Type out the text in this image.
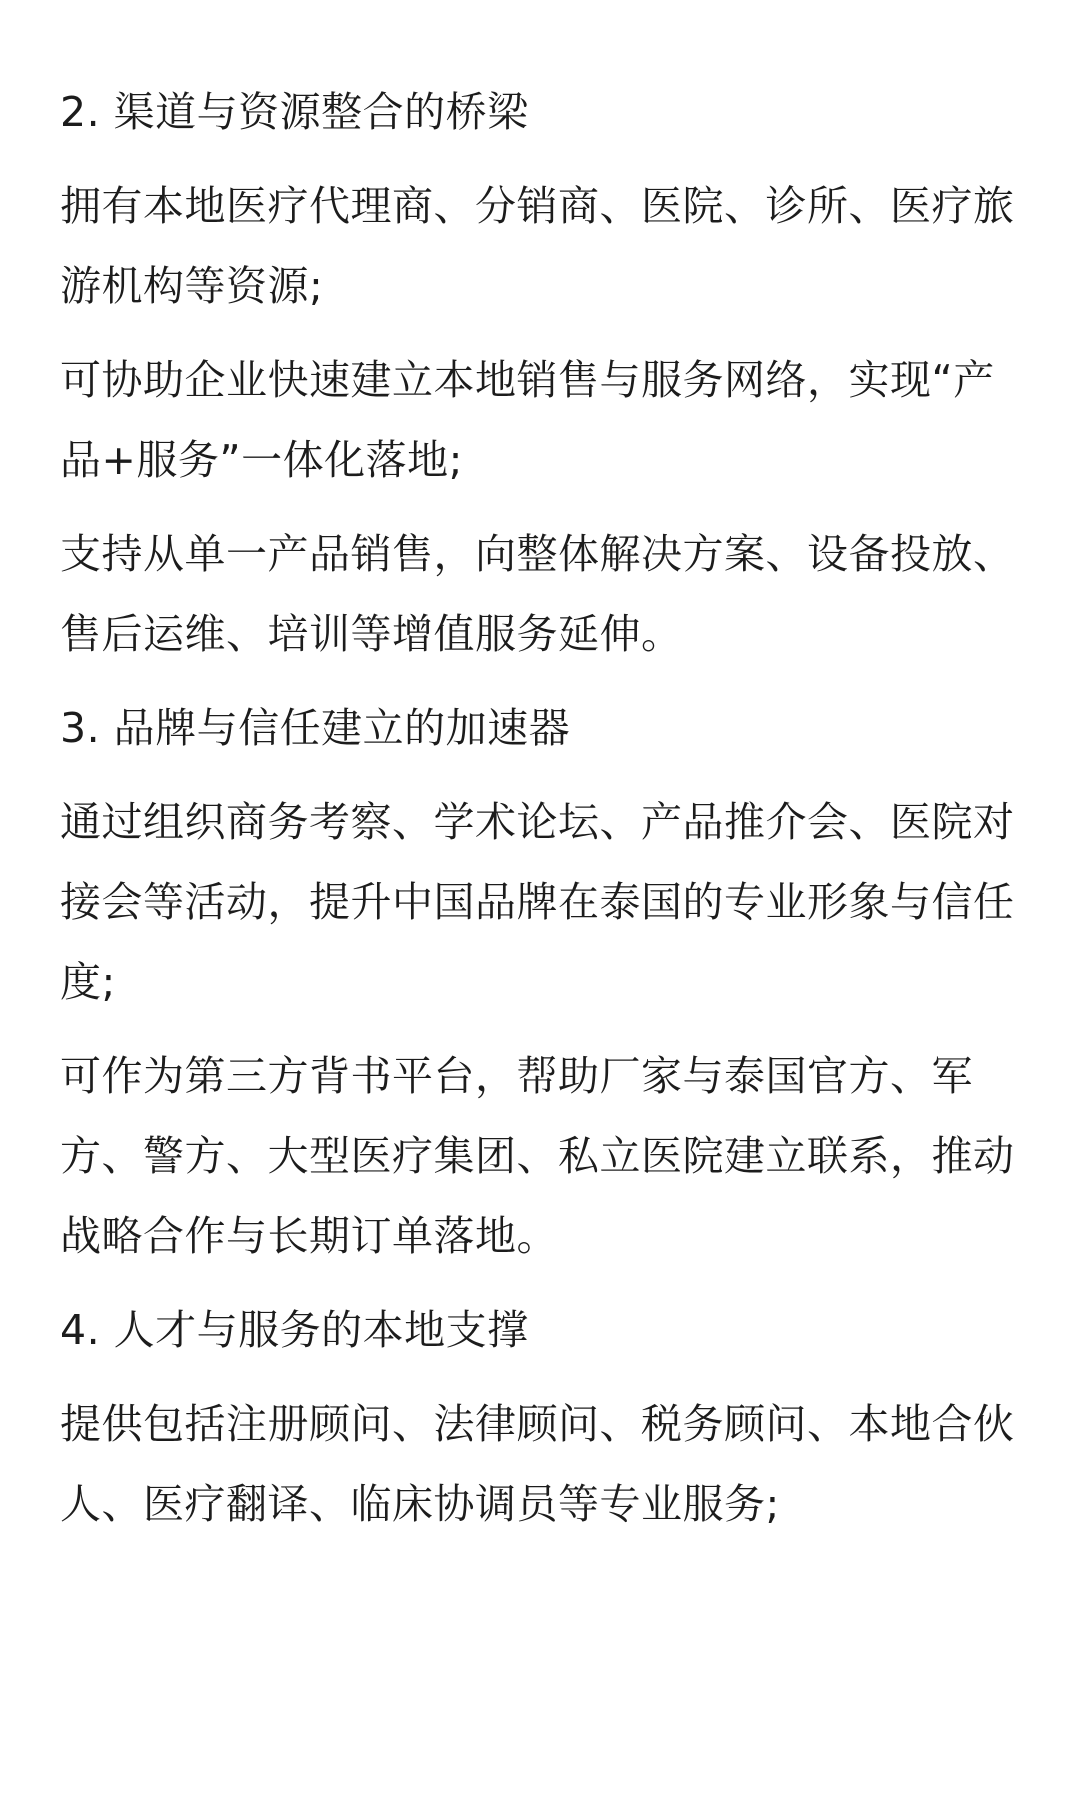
2. 渠道与资源整合的桥梁

拥有本地医疗代理商、分销商、医院、诊所、医疗旅游机构等资源;

可协助企业快速建立本地销售与服务网络，实现“产品+服务”一体化落地;

支持从单一产品销售，向整体解决方案、设备投放、售后运维、培训等增值服务延伸。

3. 品牌与信任建立的加速器

通过组织商务考察、学术论坛、产品推介会、医院对接会等活动，提升中国品牌在泰国的专业形象与信任度;

可作为第三方背书平台，帮助厂家与泰国官方、军方、警方、大型医疗集团、私立医院建立联系，推动战略合作与长期订单落地。

4. 人才与服务的本地支撑

提供包括注册顾问、法律顾问、税务顾问、本地合伙人、医疗翻译、临床协调员等专业服务;
